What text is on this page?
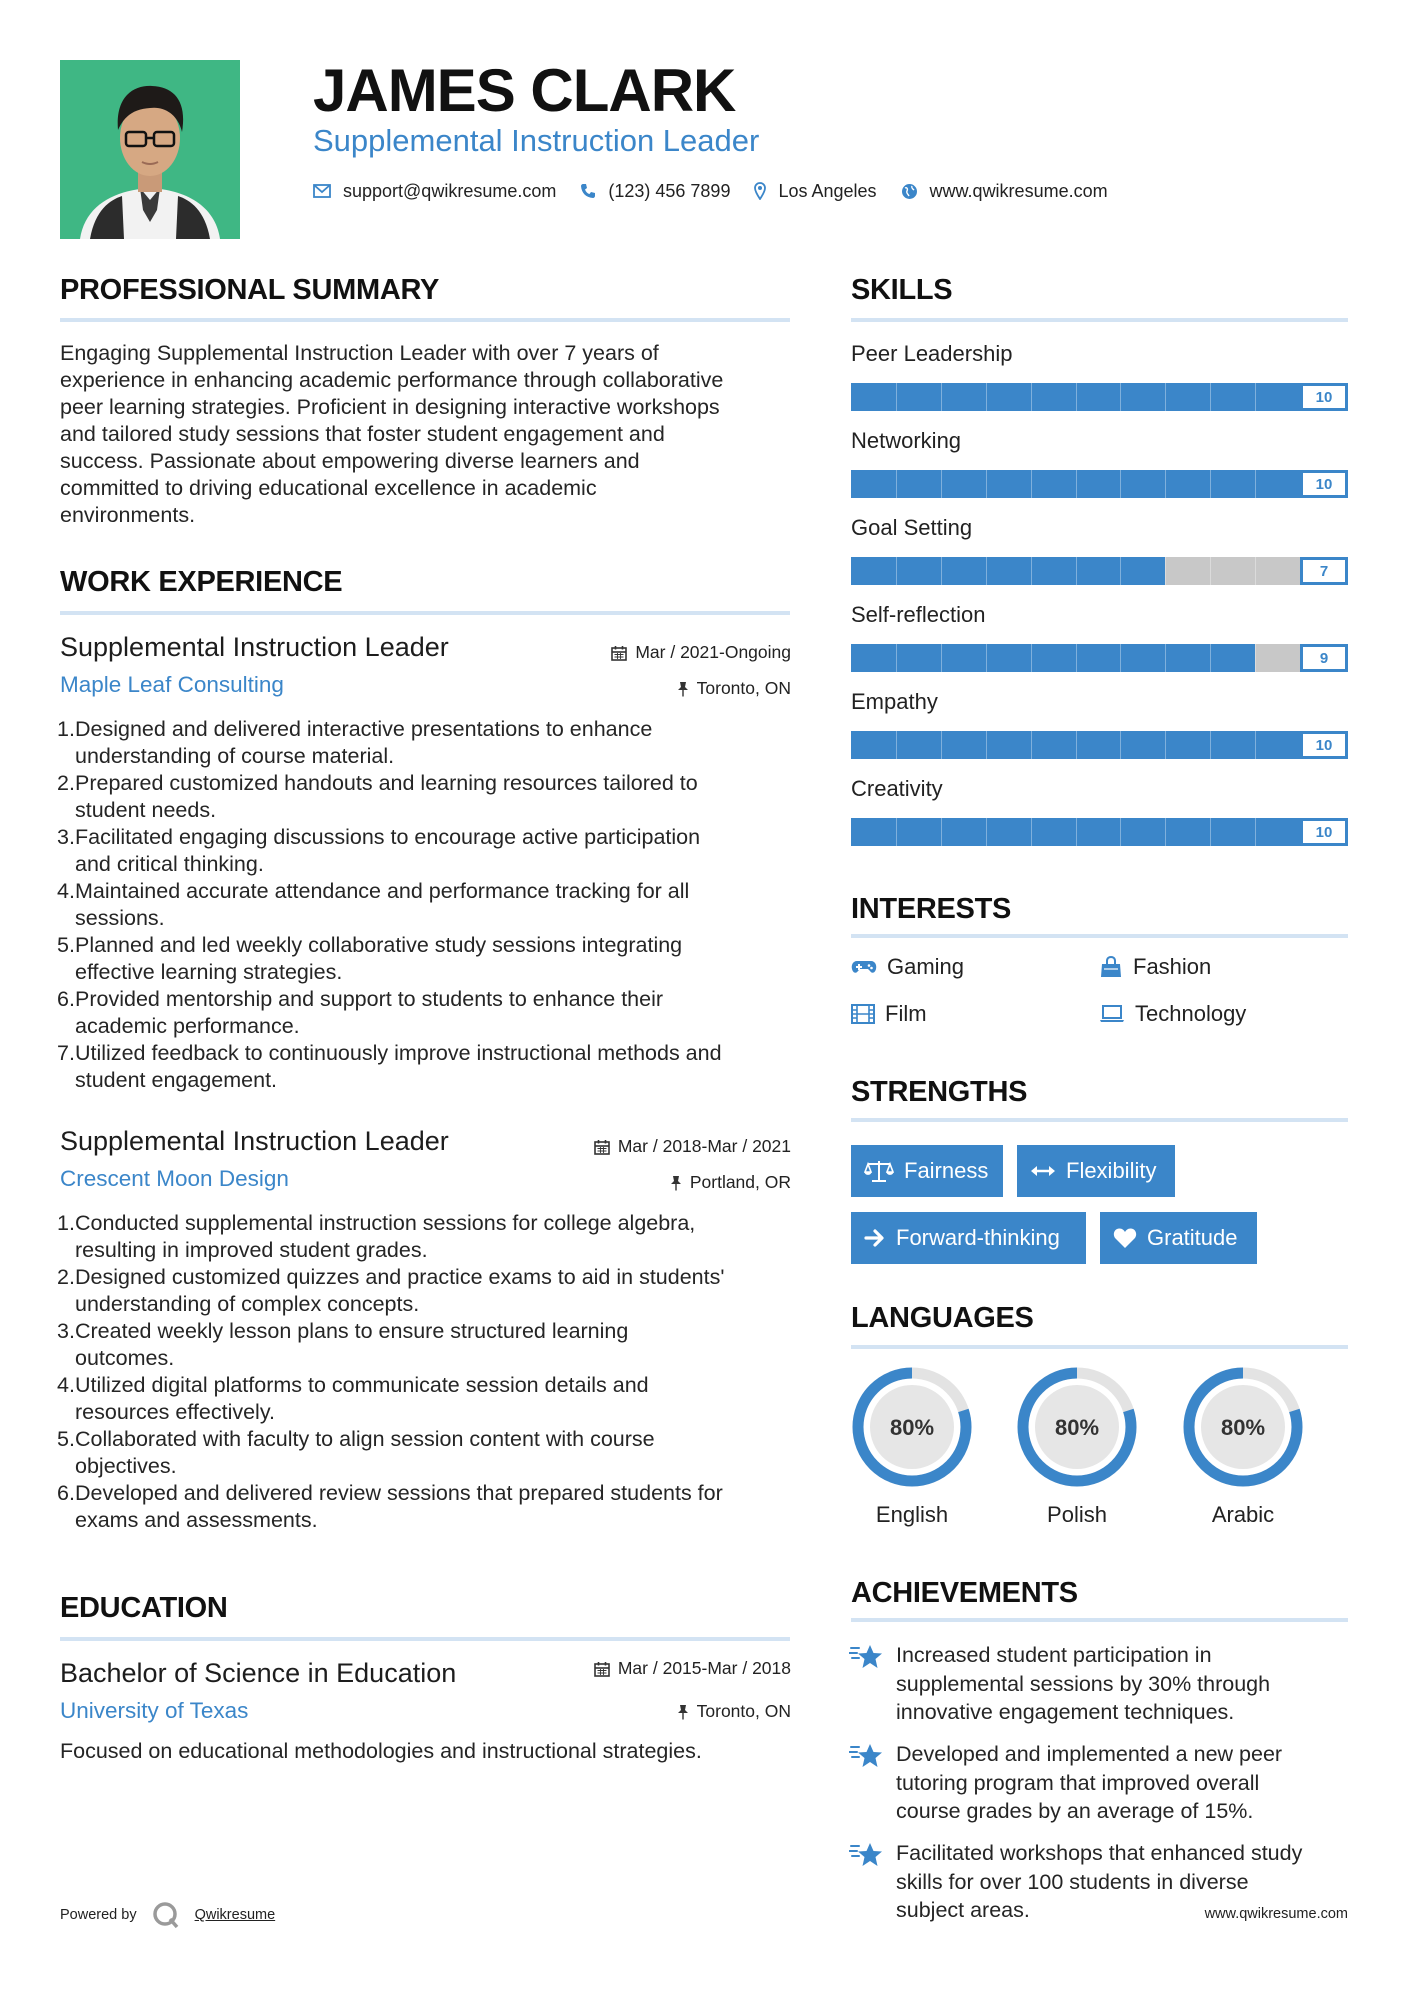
JAMES CLARK
Supplemental Instruction Leader
support@qwikresume.com	(123) 456 7899	Los Angeles	www.qwikresume.com
PROFESSIONAL SUMMARY
Engaging Supplemental Instruction Leader with over 7 years of
experience in enhancing academic performance through collaborative
peer learning strategies. Proficient in designing interactive workshops
and tailored study sessions that foster student engagement and
success. Passionate about empowering diverse learners and
committed to driving educational excellence in academic
environments.
WORK EXPERIENCE
Supplemental Instruction Leader	Mar / 2021-Ongoing
Maple Leaf Consulting	Toronto, ON
1. Designed and delivered interactive presentations to enhance
understanding of course material.
2. Prepared customized handouts and learning resources tailored to
student needs.
3. Facilitated engaging discussions to encourage active participation
and critical thinking.
4. Maintained accurate attendance and performance tracking for all
sessions.
5. Planned and led weekly collaborative study sessions integrating
effective learning strategies.
6. Provided mentorship and support to students to enhance their
academic performance.
7. Utilized feedback to continuously improve instructional methods and
student engagement.
Supplemental Instruction Leader	Mar / 2018-Mar / 2021
Crescent Moon Design	Portland, OR
1. Conducted supplemental instruction sessions for college algebra,
resulting in improved student grades.
2. Designed customized quizzes and practice exams to aid in students'
understanding of complex concepts.
3. Created weekly lesson plans to ensure structured learning
outcomes.
4. Utilized digital platforms to communicate session details and
resources effectively.
5. Collaborated with faculty to align session content with course
objectives.
6. Developed and delivered review sessions that prepared students for
exams and assessments.
EDUCATION
Bachelor of Science in Education	Mar / 2015-Mar / 2018
University of Texas	Toronto, ON
Focused on educational methodologies and instructional strategies.
Powered by	Qwikresume
SKILLS
Peer Leadership
10
Networking
10
Goal Setting
7
Self-reflection
9
Empathy
10
Creativity
10
INTERESTS
Gaming	Fashion
Film	Technology
STRENGTHS
Fairness	Flexibility
Forward-thinking	Gratitude
LANGUAGES
80%	80%	80%
English	Polish	Arabic
ACHIEVEMENTS
Increased student participation in
supplemental sessions by 30% through
innovative engagement techniques.
Developed and implemented a new peer
tutoring program that improved overall
course grades by an average of 15%.
Facilitated workshops that enhanced study
skills for over 100 students in diverse
subject areas.	www.qwikresume.com
